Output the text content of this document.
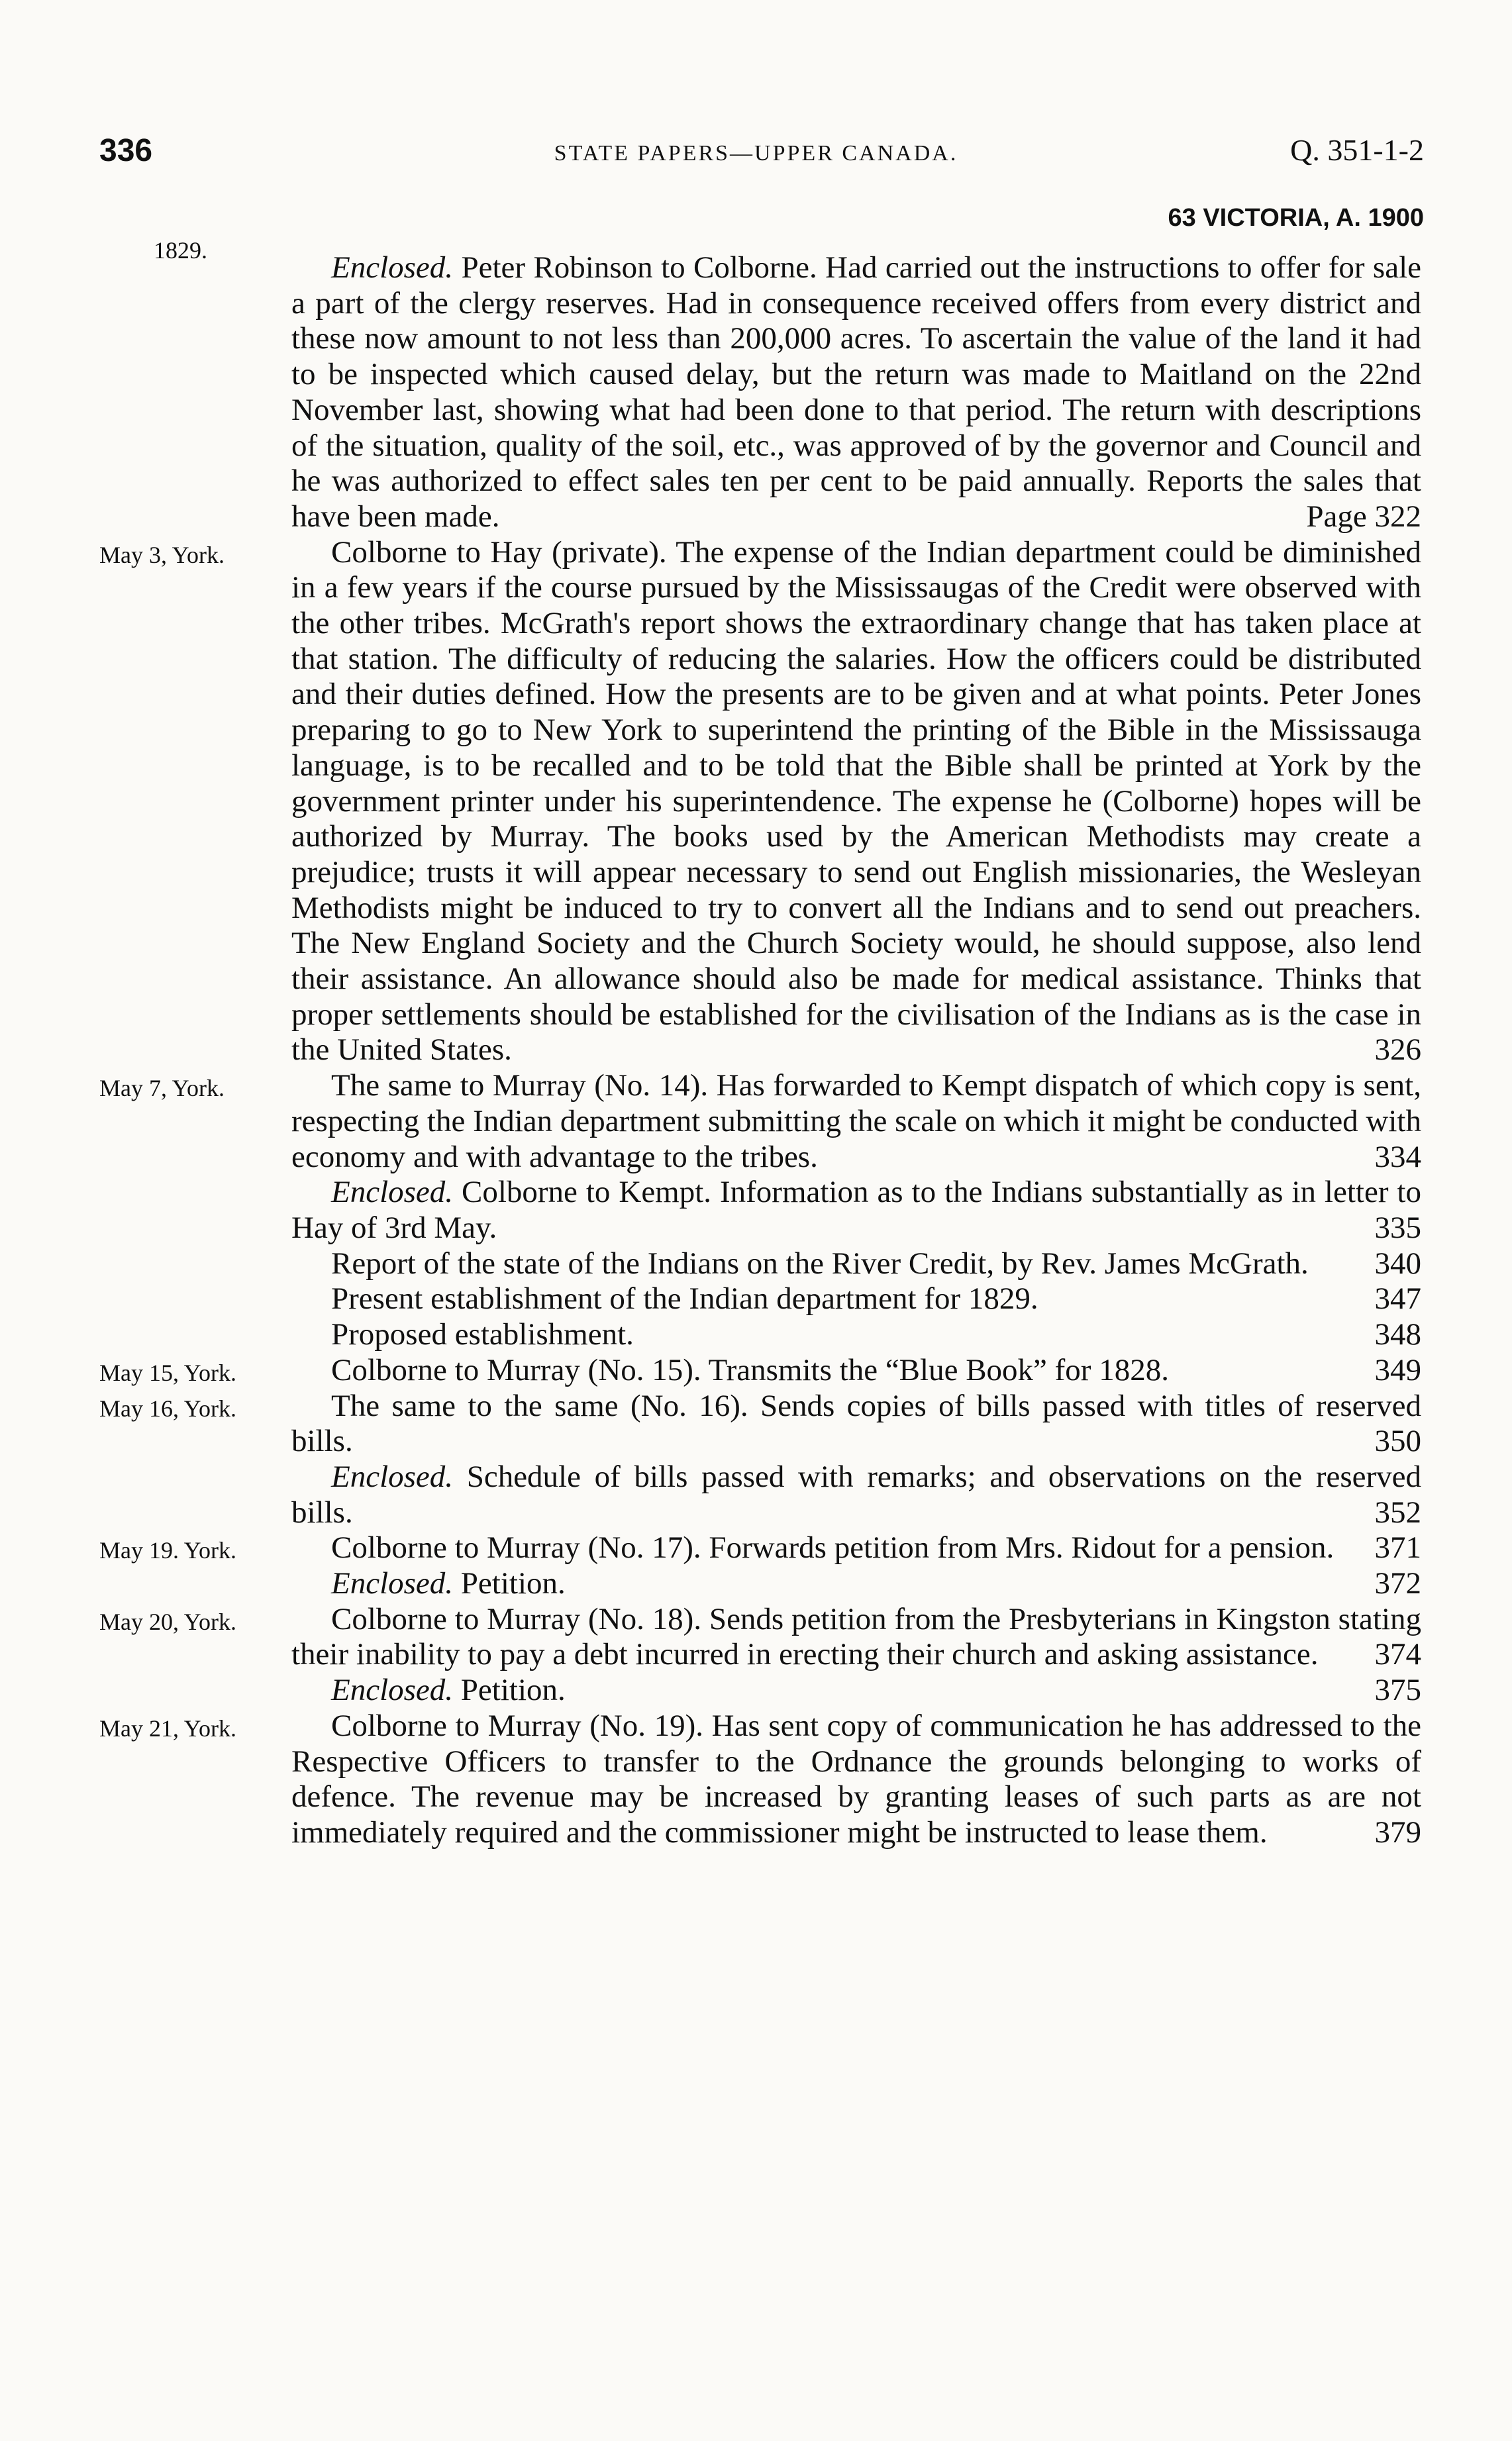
336	STATE PAPERS—UPPER CANADA.	Q. 351-1-2
63 VICTORIA, A. 1900
1829.	Enclosed. Peter Robinson to Colborne. Had carried out the instructions to offer for sale a part of the clergy reserves. Had in consequence received offers from every district and these now amount to not less than 200,000 acres. To ascertain the value of the land it had to be inspected which caused delay, but the return was made to Maitland on the 22nd November last, showing what had been done to that period. The return with descriptions of the situation, quality of the soil, etc., was approved of by the governor and Council and he was authorized to effect sales ten per cent to be paid annually. Reports the sales that have been made.	Page 322
May 3, York.	Colborne to Hay (private). The expense of the Indian department could be diminished in a few years if the course pursued by the Mississaugas of the Credit were observed with the other tribes. McGrath's report shows the extraordinary change that has taken place at that station. The difficulty of reducing the salaries. How the officers could be distributed and their duties defined. How the presents are to be given and at what points. Peter Jones preparing to go to New York to superintend the printing of the Bible in the Mississauga language, is to be recalled and to be told that the Bible shall be printed at York by the government printer under his superintendence. The expense he (Colborne) hopes will be authorized by Murray. The books used by the American Methodists may create a prejudice; trusts it will appear necessary to send out English missionaries, the Wesleyan Methodists might be induced to try to convert all the Indians and to send out preachers. The New England Society and the Church Society would, he should suppose, also lend their assistance. An allowance should also be made for medical assistance. Thinks that proper settlements should be established for the civilisation of the Indians as is the case in the United States.	326
May 7, York.	The same to Murray (No. 14). Has forwarded to Kempt dispatch of which copy is sent, respecting the Indian department submitting the scale on which it might be conducted with economy and with advantage to the tribes.	334
Enclosed. Colborne to Kempt. Information as to the Indians substantially as in letter to Hay of 3rd May.	335
Report of the state of the Indians on the River Credit, by Rev. James McGrath.	340
Present establishment of the Indian department for 1829.	347
Proposed establishment.	348
May 15, York.	Colborne to Murray (No. 15). Transmits the “Blue Book” for 1828.	349
May 16, York.	The same to the same (No. 16). Sends copies of bills passed with titles of reserved bills.	350
Enclosed. Schedule of bills passed with remarks; and observations on the reserved bills.	352
May 19. York.	Colborne to Murray (No. 17). Forwards petition from Mrs. Ridout for a pension.	371
Enclosed. Petition.	372
May 20, York.	Colborne to Murray (No. 18). Sends petition from the Presbyterians in Kingston stating their inability to pay a debt incurred in erecting their church and asking assistance.	374
Enclosed. Petition.	375
May 21, York.	Colborne to Murray (No. 19). Has sent copy of communication he has addressed to the Respective Officers to transfer to the Ordnance the grounds belonging to works of defence. The revenue may be increased by granting leases of such parts as are not immediately required and the commissioner might be instructed to lease them.	379
